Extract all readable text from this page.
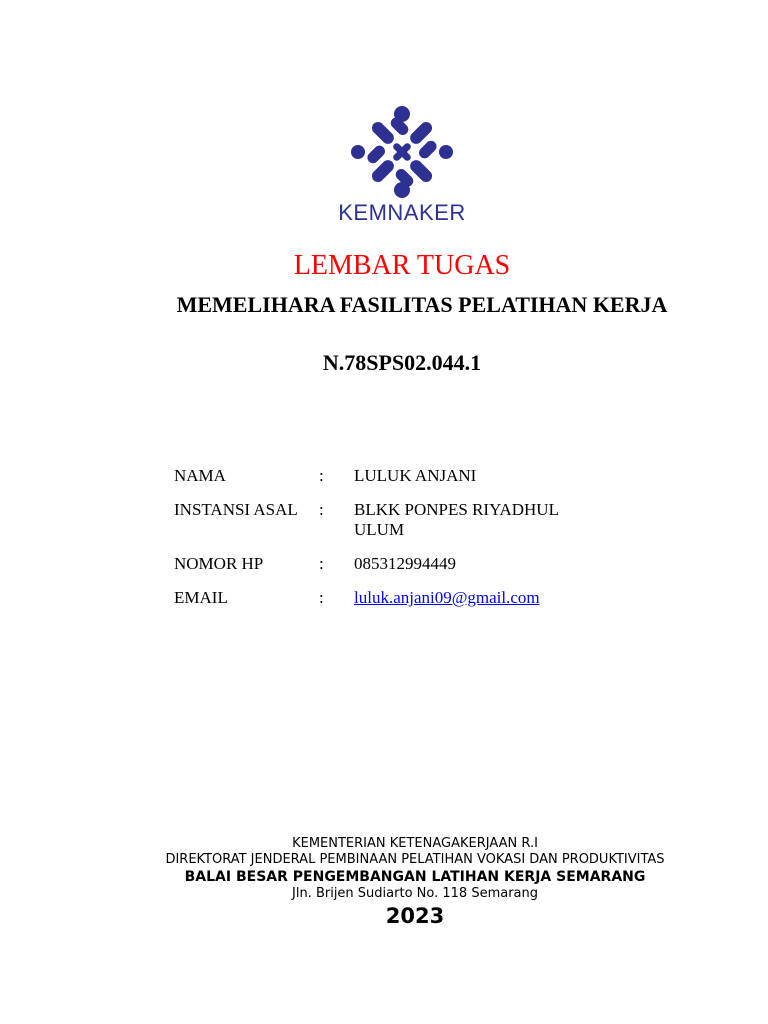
KEMNAKER
LEMBAR TUGAS
MEMELIHARA FASILITAS PELATIHAN KERJA
N.78SPS02.044.1
NAMA	:	LULUK ANJANI
INSTANSI ASAL	:	BLKK PONPES RIYADHUL ULUM
NOMOR HP	:	085312994449
EMAIL	:	luluk.anjani09@gmail.com
KEMENTERIAN KETENAGAKERJAAN R.I
DIREKTORAT JENDERAL PEMBINAAN PELATIHAN VOKASI DAN PRODUKTIVITAS
BALAI BESAR PENGEMBANGAN LATIHAN KERJA SEMARANG
Jln. Brijen Sudiarto No. 118 Semarang
2023
